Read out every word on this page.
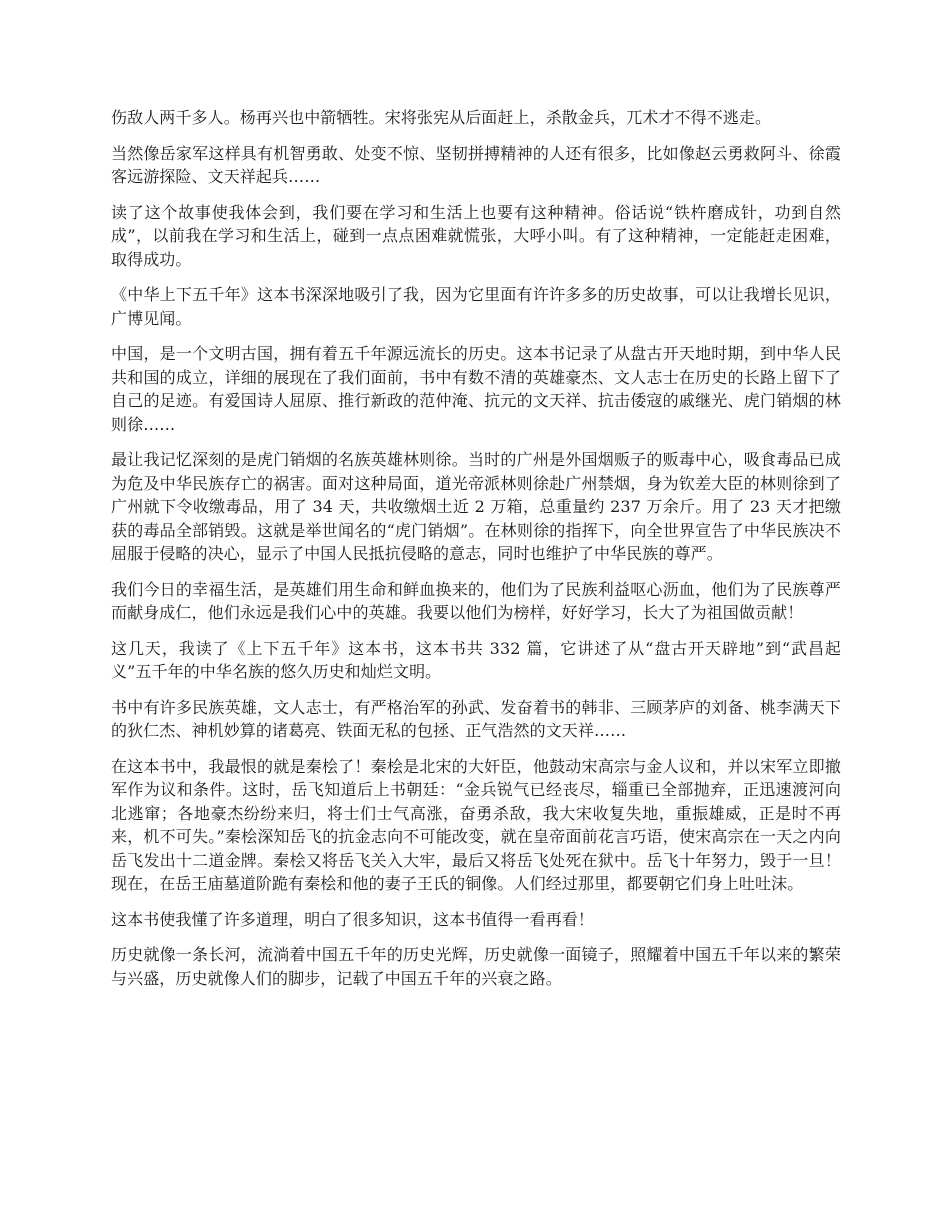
伤敌人两千多人。杨再兴也中箭牺牲。宋将张宪从后面赶上，杀散金兵，兀术才不得不逃走。

当然像岳家军这样具有机智勇敢、处变不惊、坚韧拼搏精神的人还有很多，比如像赵云勇救阿斗、徐霞客远游探险、文天祥起兵……

读了这个故事使我体会到，我们要在学习和生活上也要有这种精神。俗话说“铁杵磨成针，功到自然成”，以前我在学习和生活上，碰到一点点困难就慌张，大呼小叫。有了这种精神，一定能赶走困难，取得成功。

《中华上下五千年》这本书深深地吸引了我，因为它里面有许许多多的历史故事，可以让我增长见识，广博见闻。

中国，是一个文明古国，拥有着五千年源远流长的历史。这本书记录了从盘古开天地时期，到中华人民共和国的成立，详细的展现在了我们面前，书中有数不清的英雄豪杰、文人志士在历史的长路上留下了自己的足迹。有爱国诗人屈原、推行新政的范仲淹、抗元的文天祥、抗击倭寇的戚继光、虎门销烟的林则徐……

最让我记忆深刻的是虎门销烟的名族英雄林则徐。当时的广州是外国烟贩子的贩毒中心，吸食毒品已成为危及中华民族存亡的祸害。面对这种局面，道光帝派林则徐赴广州禁烟，身为钦差大臣的林则徐到了广州就下令收缴毒品，用了 34 天，共收缴烟土近 2 万箱，总重量约 237 万余斤。用了 23 天才把缴获的毒品全部销毁。这就是举世闻名的“虎门销烟”。在林则徐的指挥下，向全世界宣告了中华民族决不屈服于侵略的决心，显示了中国人民抵抗侵略的意志，同时也维护了中华民族的尊严。

我们今日的幸福生活，是英雄们用生命和鲜血换来的，他们为了民族利益呕心沥血，他们为了民族尊严而献身成仁，他们永远是我们心中的英雄。我要以他们为榜样，好好学习，长大了为祖国做贡献！

这几天，我读了《上下五千年》这本书，这本书共 332 篇，它讲述了从“盘古开天辟地”到“武昌起义”五千年的中华名族的悠久历史和灿烂文明。

书中有许多民族英雄，文人志士，有严格治军的孙武、发奋着书的韩非、三顾茅庐的刘备、桃李满天下的狄仁杰、神机妙算的诸葛亮、铁面无私的包拯、正气浩然的文天祥……

在这本书中，我最恨的就是秦桧了！秦桧是北宋的大奸臣，他鼓动宋高宗与金人议和，并以宋军立即撤军作为议和条件。这时，岳飞知道后上书朝廷：“金兵锐气已经丧尽，辎重已全部抛弃，正迅速渡河向北逃窜；各地豪杰纷纷来归，将士们士气高涨，奋勇杀敌，我大宋收复失地，重振雄威，正是时不再来，机不可失。”秦桧深知岳飞的抗金志向不可能改变，就在皇帝面前花言巧语，使宋高宗在一天之内向岳飞发出十二道金牌。秦桧又将岳飞关入大牢，最后又将岳飞处死在狱中。岳飞十年努力，毁于一旦！现在，在岳王庙墓道阶跪有秦桧和他的妻子王氏的铜像。人们经过那里，都要朝它们身上吐吐沫。

这本书使我懂了许多道理，明白了很多知识，这本书值得一看再看！

历史就像一条长河，流淌着中国五千年的历史光辉，历史就像一面镜子，照耀着中国五千年以来的繁荣与兴盛，历史就像人们的脚步，记载了中国五千年的兴衰之路。
